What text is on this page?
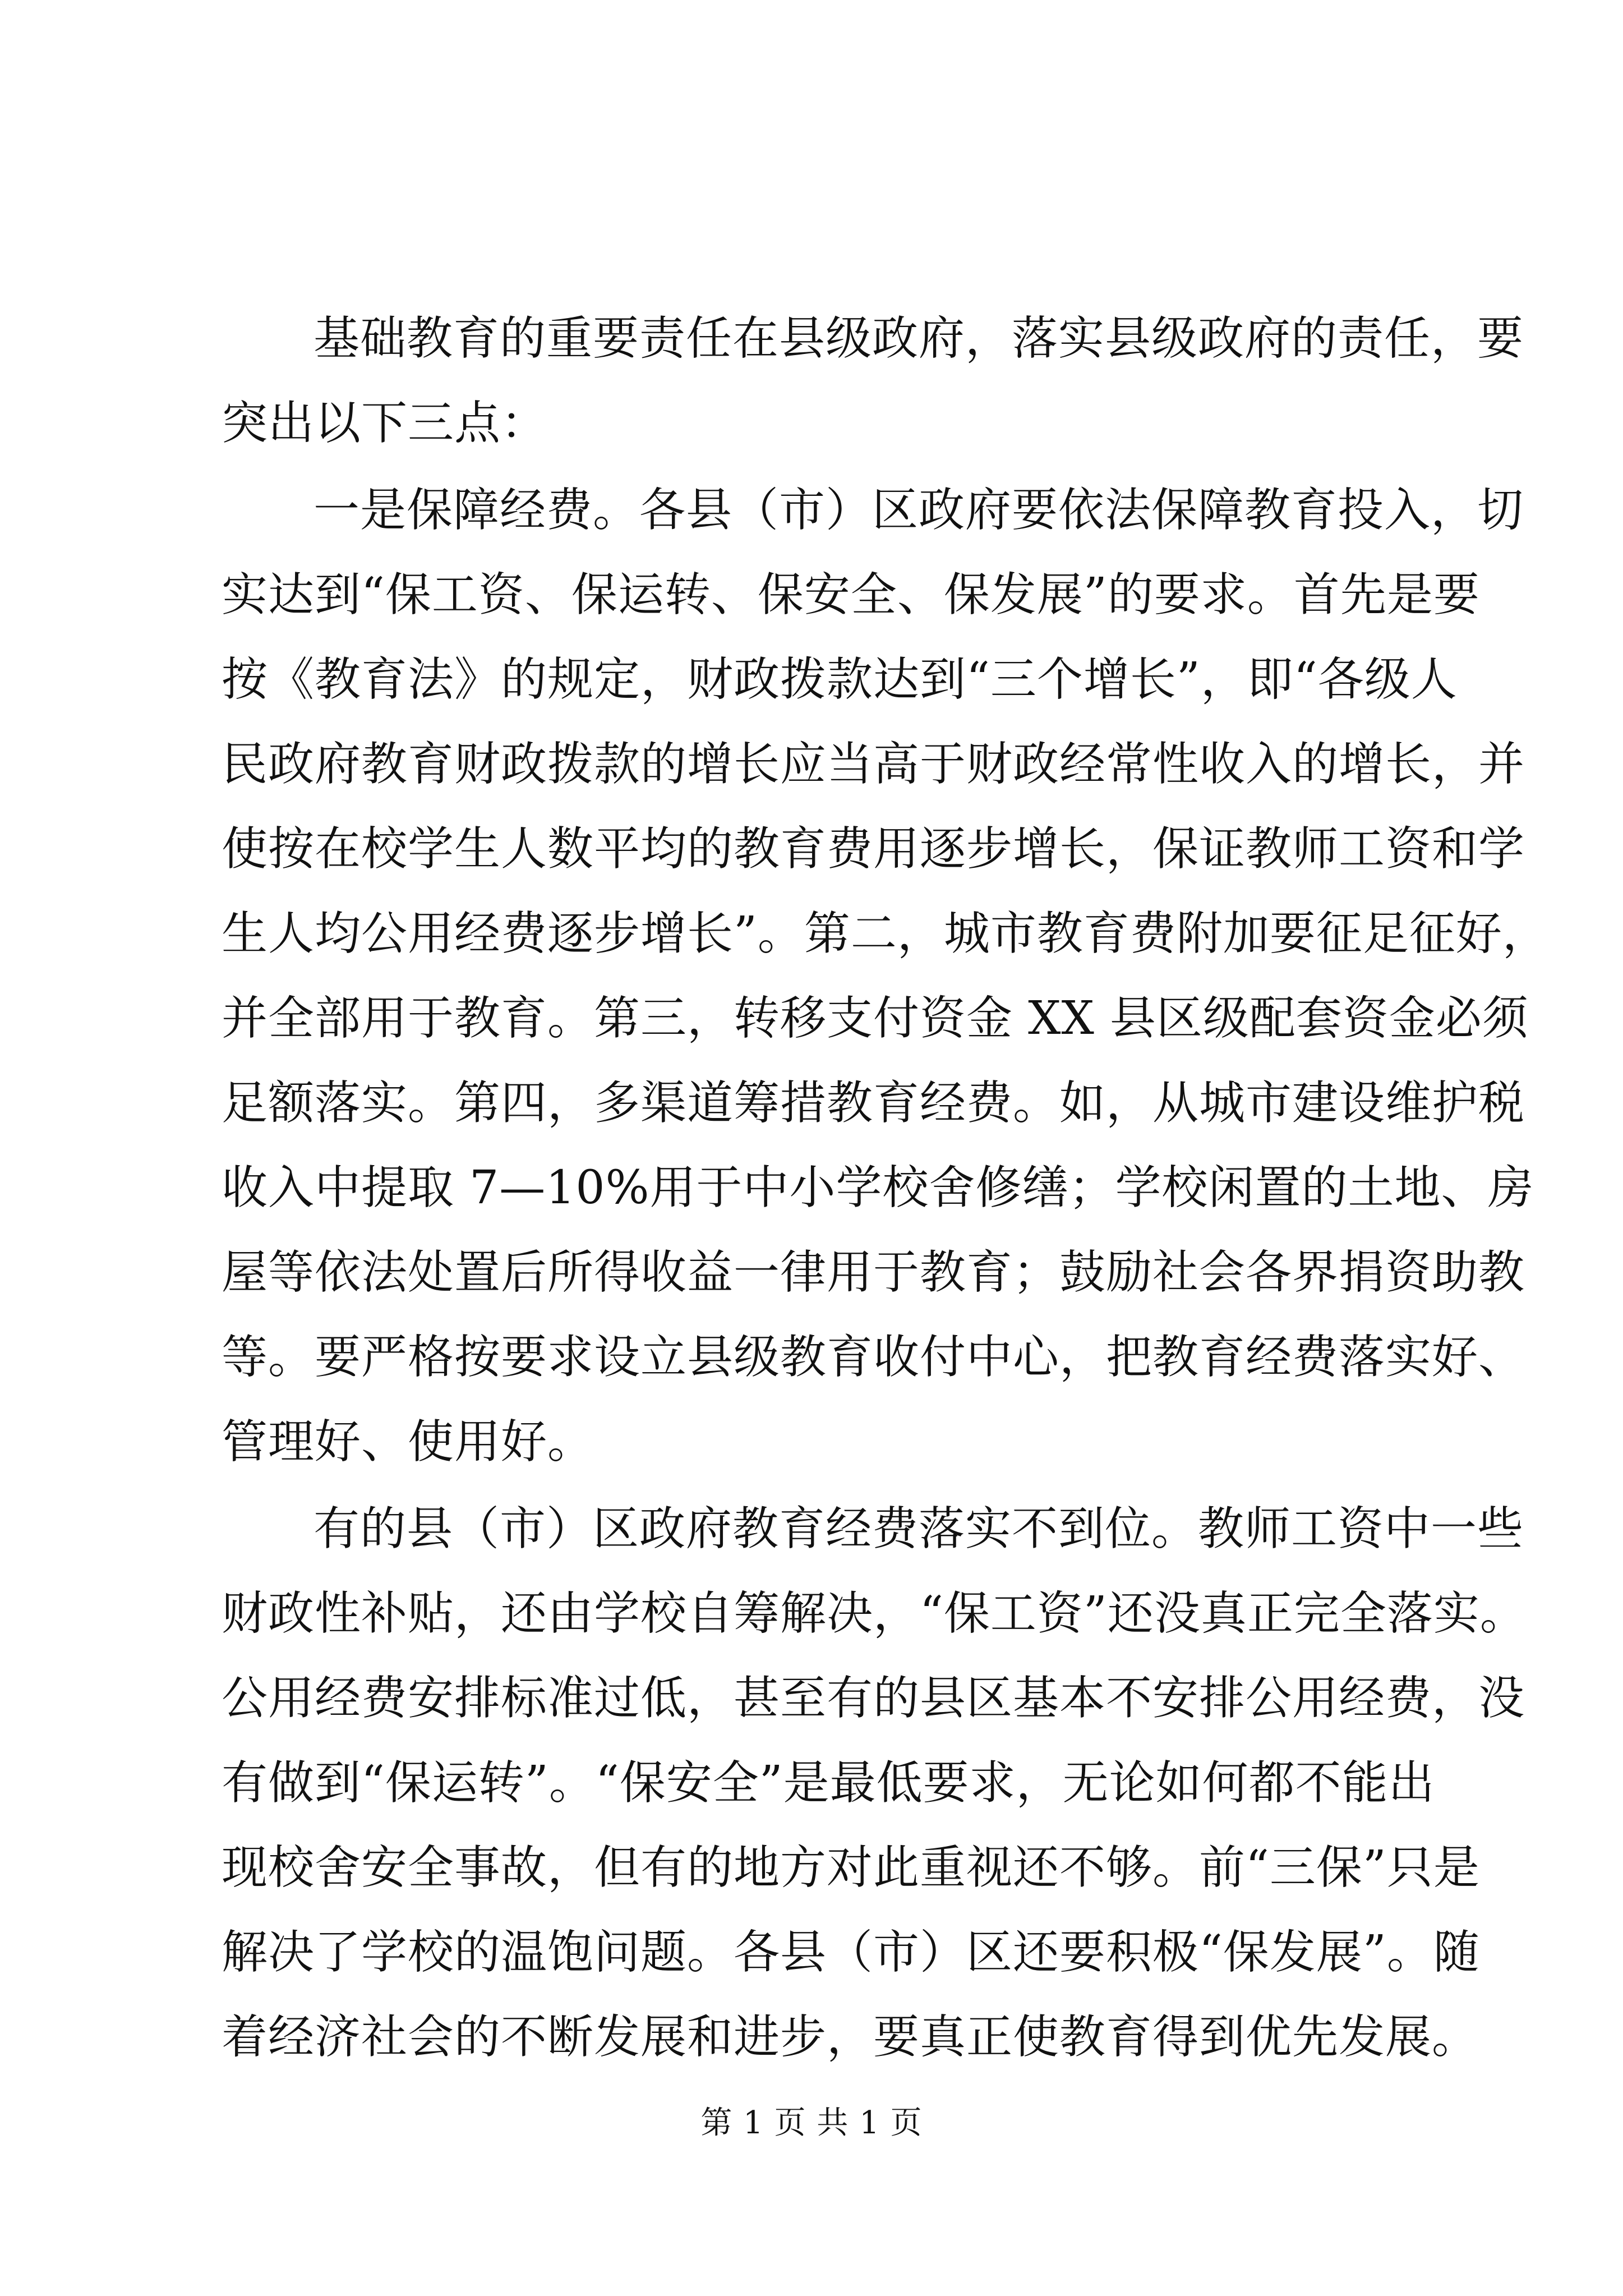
基础教育的重要责任在县级政府，落实县级政府的责任，要
突出以下三点：
一是保障经费。各县（市）区政府要依法保障教育投入，切
实达到“保工资、保运转、保安全、保发展”的要求。首先是要
按《教育法》的规定，财政拨款达到“三个增长”，即“各级人
民政府教育财政拨款的增长应当高于财政经常性收入的增长，并
使按在校学生人数平均的教育费用逐步增长，保证教师工资和学
生人均公用经费逐步增长”。第二，城市教育费附加要征足征好，
并全部用于教育。第三，转移支付资金 XX 县区级配套资金必须
足额落实。第四，多渠道筹措教育经费。如，从城市建设维护税
收入中提取 7—10%用于中小学校舍修缮；学校闲置的土地、房
屋等依法处置后所得收益一律用于教育；鼓励社会各界捐资助教
等。要严格按要求设立县级教育收付中心，把教育经费落实好、
管理好、使用好。
有的县（市）区政府教育经费落实不到位。教师工资中一些
财政性补贴，还由学校自筹解决，“保工资”还没真正完全落实。
公用经费安排标准过低，甚至有的县区基本不安排公用经费，没
有做到“保运转”。“保安全”是最低要求，无论如何都不能出
现校舍安全事故，但有的地方对此重视还不够。前“三保”只是
解决了学校的温饱问题。各县（市）区还要积极“保发展”。随
着经济社会的不断发展和进步，要真正使教育得到优先发展。
第 1 页 共 1 页
